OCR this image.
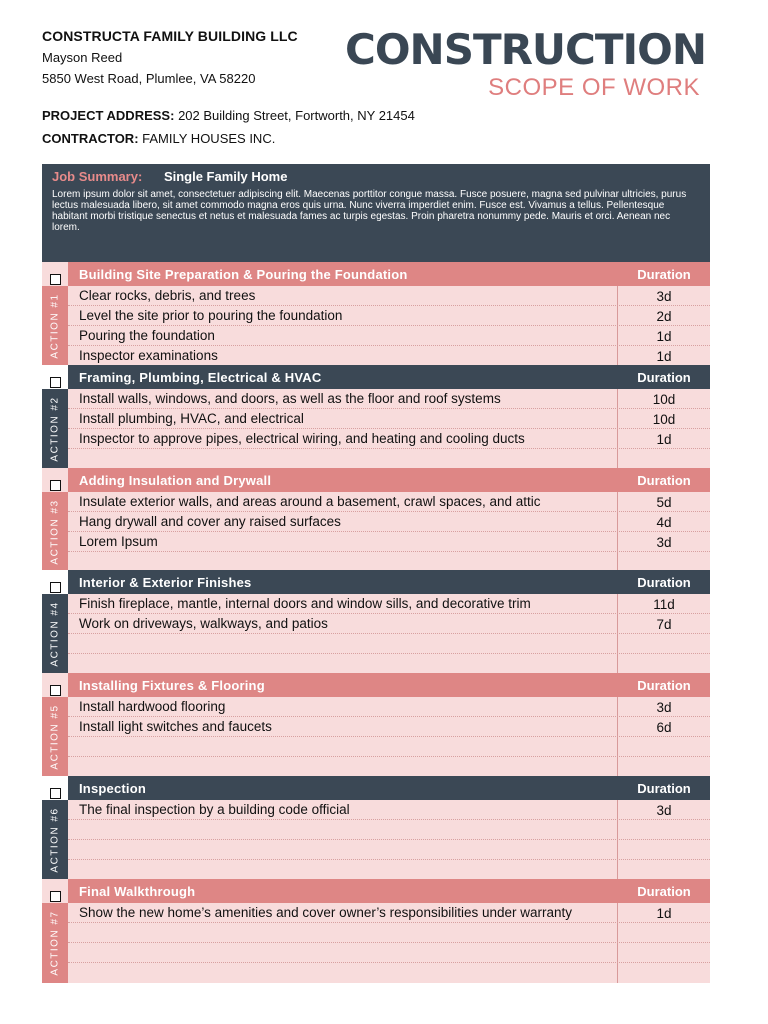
CONSTRUCTA FAMILY BUILDING LLC
Mayson Reed
5850 West Road, Plumlee, VA 58220
CONSTRUCTION
SCOPE OF WORK
PROJECT ADDRESS: 202 Building Street, Fortworth, NY 21454
CONTRACTOR: FAMILY HOUSES INC.
Job Summary: Single Family Home
Lorem ipsum dolor sit amet, consectetuer adipiscing elit. Maecenas porttitor congue massa. Fusce posuere, magna sed pulvinar ultricies, purus lectus malesuada libero, sit amet commodo magna eros quis urna. Nunc viverra imperdiet enim. Fusce est. Vivamus a tellus. Pellentesque habitant morbi tristique senectus et netus et malesuada fames ac turpis egestas. Proin pharetra nonummy pede. Mauris et orci. Aenean nec lorem.
Building Site Preparation & Pouring the Foundation	Duration
ACTION #1	Clear rocks, debris, and trees	3d
Level the site prior to pouring the foundation	2d
Pouring the foundation	1d
Inspector examinations	1d
Framing, Plumbing, Electrical & HVAC	Duration
ACTION #2	Install walls, windows, and doors, as well as the floor and roof systems	10d
Install plumbing, HVAC, and electrical	10d
Inspector to approve pipes, electrical wiring, and heating and cooling ducts	1d
Adding Insulation and Drywall	Duration
ACTION #3	Insulate exterior walls, and areas around a basement, crawl spaces, and attic	5d
Hang drywall and cover any raised surfaces	4d
Lorem Ipsum	3d
Interior & Exterior Finishes	Duration
ACTION #4	Finish fireplace, mantle, internal doors and window sills, and decorative trim	11d
Work on driveways, walkways, and patios	7d
Installing Fixtures & Flooring	Duration
ACTION #5	Install hardwood flooring	3d
Install light switches and faucets	6d
Inspection	Duration
ACTION #6	The final inspection by a building code official	3d
Final Walkthrough	Duration
ACTION #7	Show the new home’s amenities and cover owner’s responsibilities under warranty	1d
